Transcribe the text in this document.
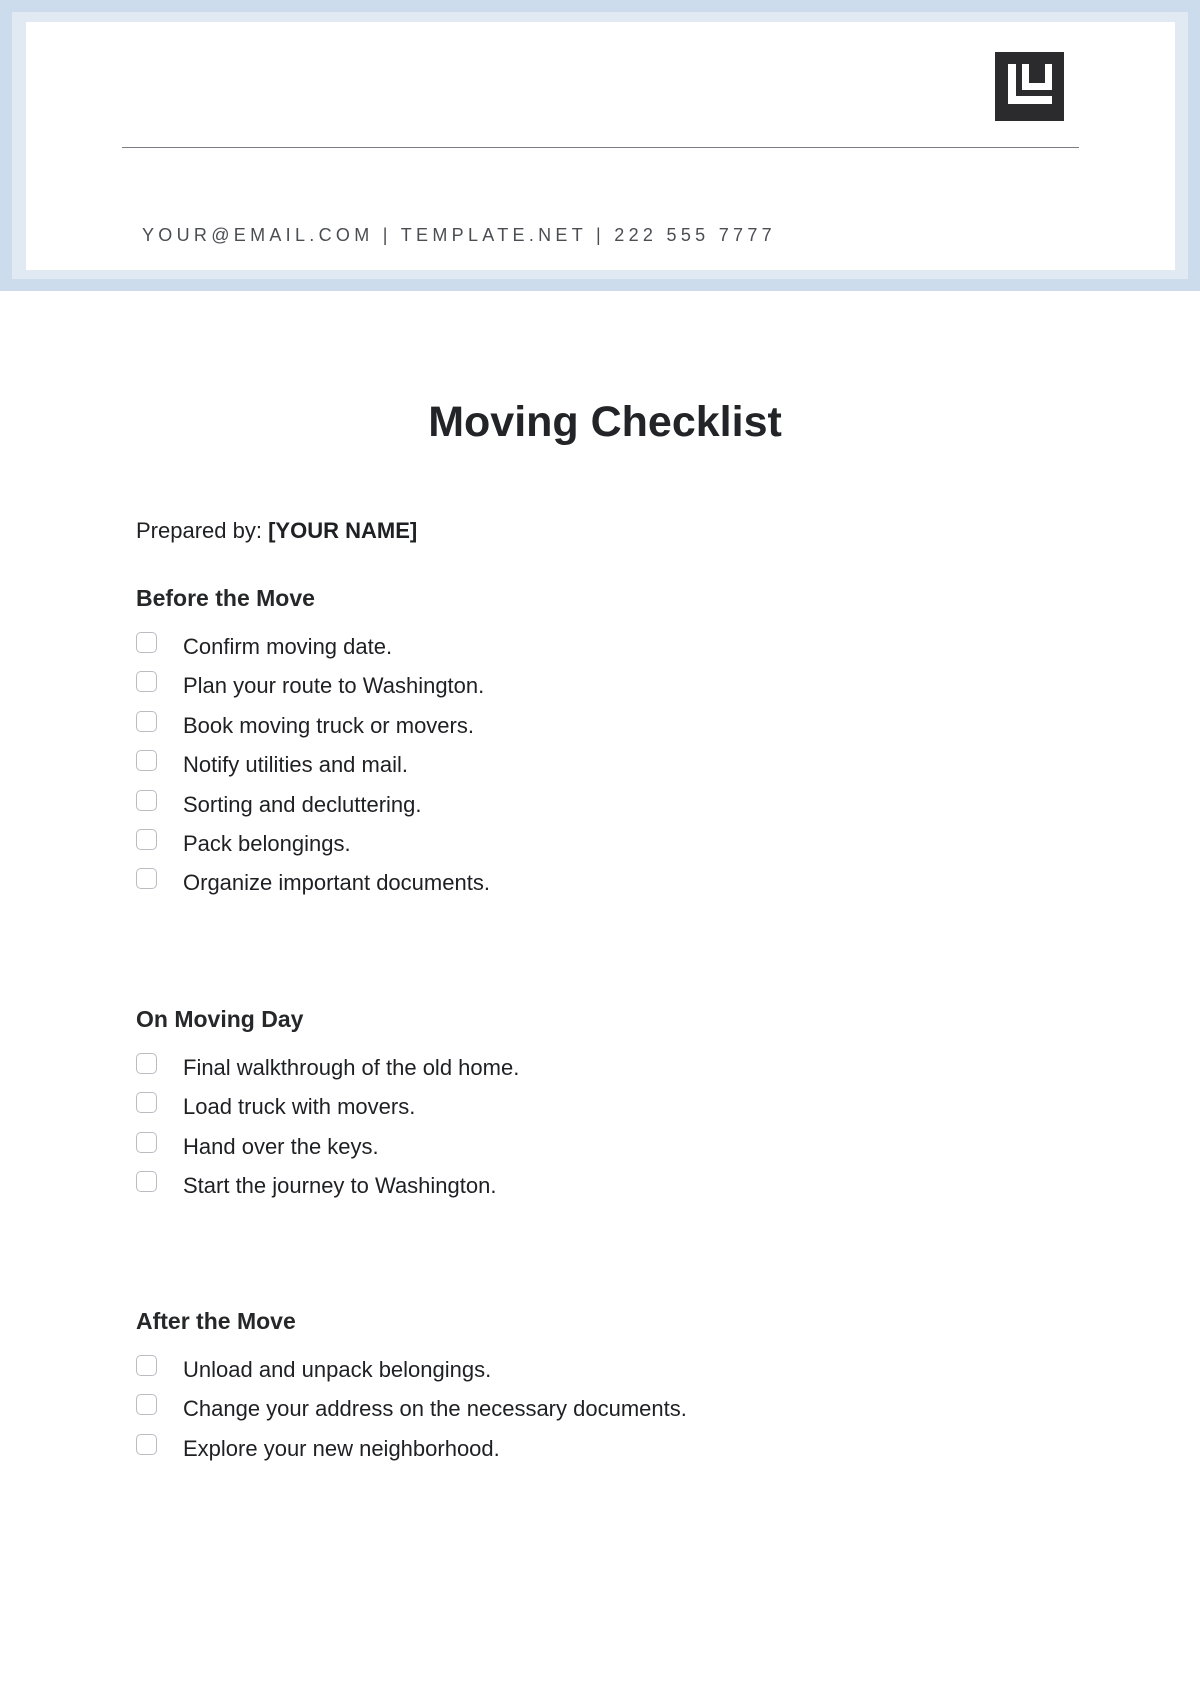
YOUR@EMAIL.COM | TEMPLATE.NET | 222 555 7777
Moving Checklist
Prepared by: [YOUR NAME]
Before the Move
Confirm moving date.
Plan your route to Washington.
Book moving truck or movers.
Notify utilities and mail.
Sorting and decluttering.
Pack belongings.
Organize important documents.
On Moving Day
Final walkthrough of the old home.
Load truck with movers.
Hand over the keys.
Start the journey to Washington.
After the Move
Unload and unpack belongings.
Change your address on the necessary documents.
Explore your new neighborhood.
